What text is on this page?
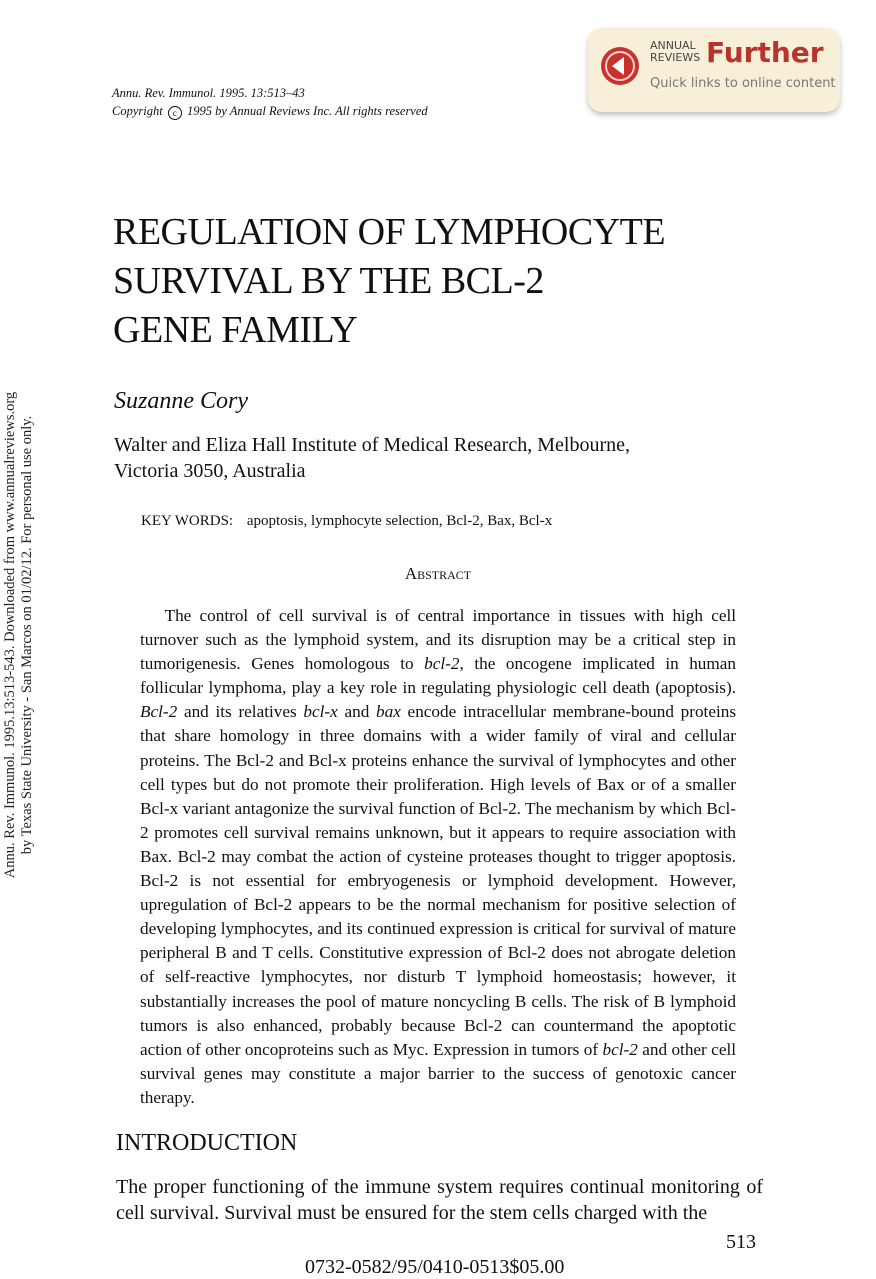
Annu. Rev. Immunol. 1995.13:513-543. Downloaded from www.annualreviews.org by Texas State University - San Marcos on 01/02/12. For personal use only.
Annu. Rev. Immunol. 1995. 13:513–43
Copyright c 1995 by Annual Reviews Inc. All rights reserved
ANNUAL
REVIEWS Further
Quick links to online content
REGULATION OF LYMPHOCYTE
SURVIVAL BY THE BCL-2
GENE FAMILY
Suzanne Cory
Walter and Eliza Hall Institute of Medical Research, Melbourne,
Victoria 3050, Australia
KEY WORDS: apoptosis, lymphocyte selection, Bcl-2, Bax, Bcl-x
Abstract

The control of cell survival is of central importance in tissues with high cell turnover such as the lymphoid system, and its disruption may be a critical step in tumorigenesis. Genes homologous to bcl-2, the oncogene implicated in human follicular lymphoma, play a key role in regulating physiologic cell death (apoptosis). Bcl-2 and its relatives bcl-x and bax encode intracellular membrane-bound proteins that share homology in three domains with a wider family of viral and cellular proteins. The Bcl-2 and Bcl-x proteins enhance the survival of lymphocytes and other cell types but do not promote their proliferation. High levels of Bax or of a smaller Bcl-x variant antagonize the survival function of Bcl-2. The mechanism by which Bcl-2 promotes cell survival remains unknown, but it appears to require association with Bax. Bcl-2 may combat the action of cysteine proteases thought to trigger apoptosis. Bcl-2 is not essential for embryogenesis or lymphoid development. However, upregulation of Bcl-2 appears to be the normal mechanism for positive selection of developing lymphocytes, and its continued expression is critical for survival of mature peripheral B and T cells. Constitutive expression of Bcl-2 does not abrogate deletion of self-reactive lymphocytes, nor disturb T lymphoid homeostasis; however, it substantially increases the pool of mature noncycling B cells. The risk of B lymphoid tumors is also enhanced, probably because Bcl-2 can countermand the apoptotic action of other oncoproteins such as Myc. Expression in tumors of bcl-2 and other cell survival genes may constitute a major barrier to the success of genotoxic cancer therapy.

INTRODUCTION

The proper functioning of the immune system requires continual monitoring of cell survival. Survival must be ensured for the stem cells charged with the

513
0732-0582/95/0410-0513$05.00
